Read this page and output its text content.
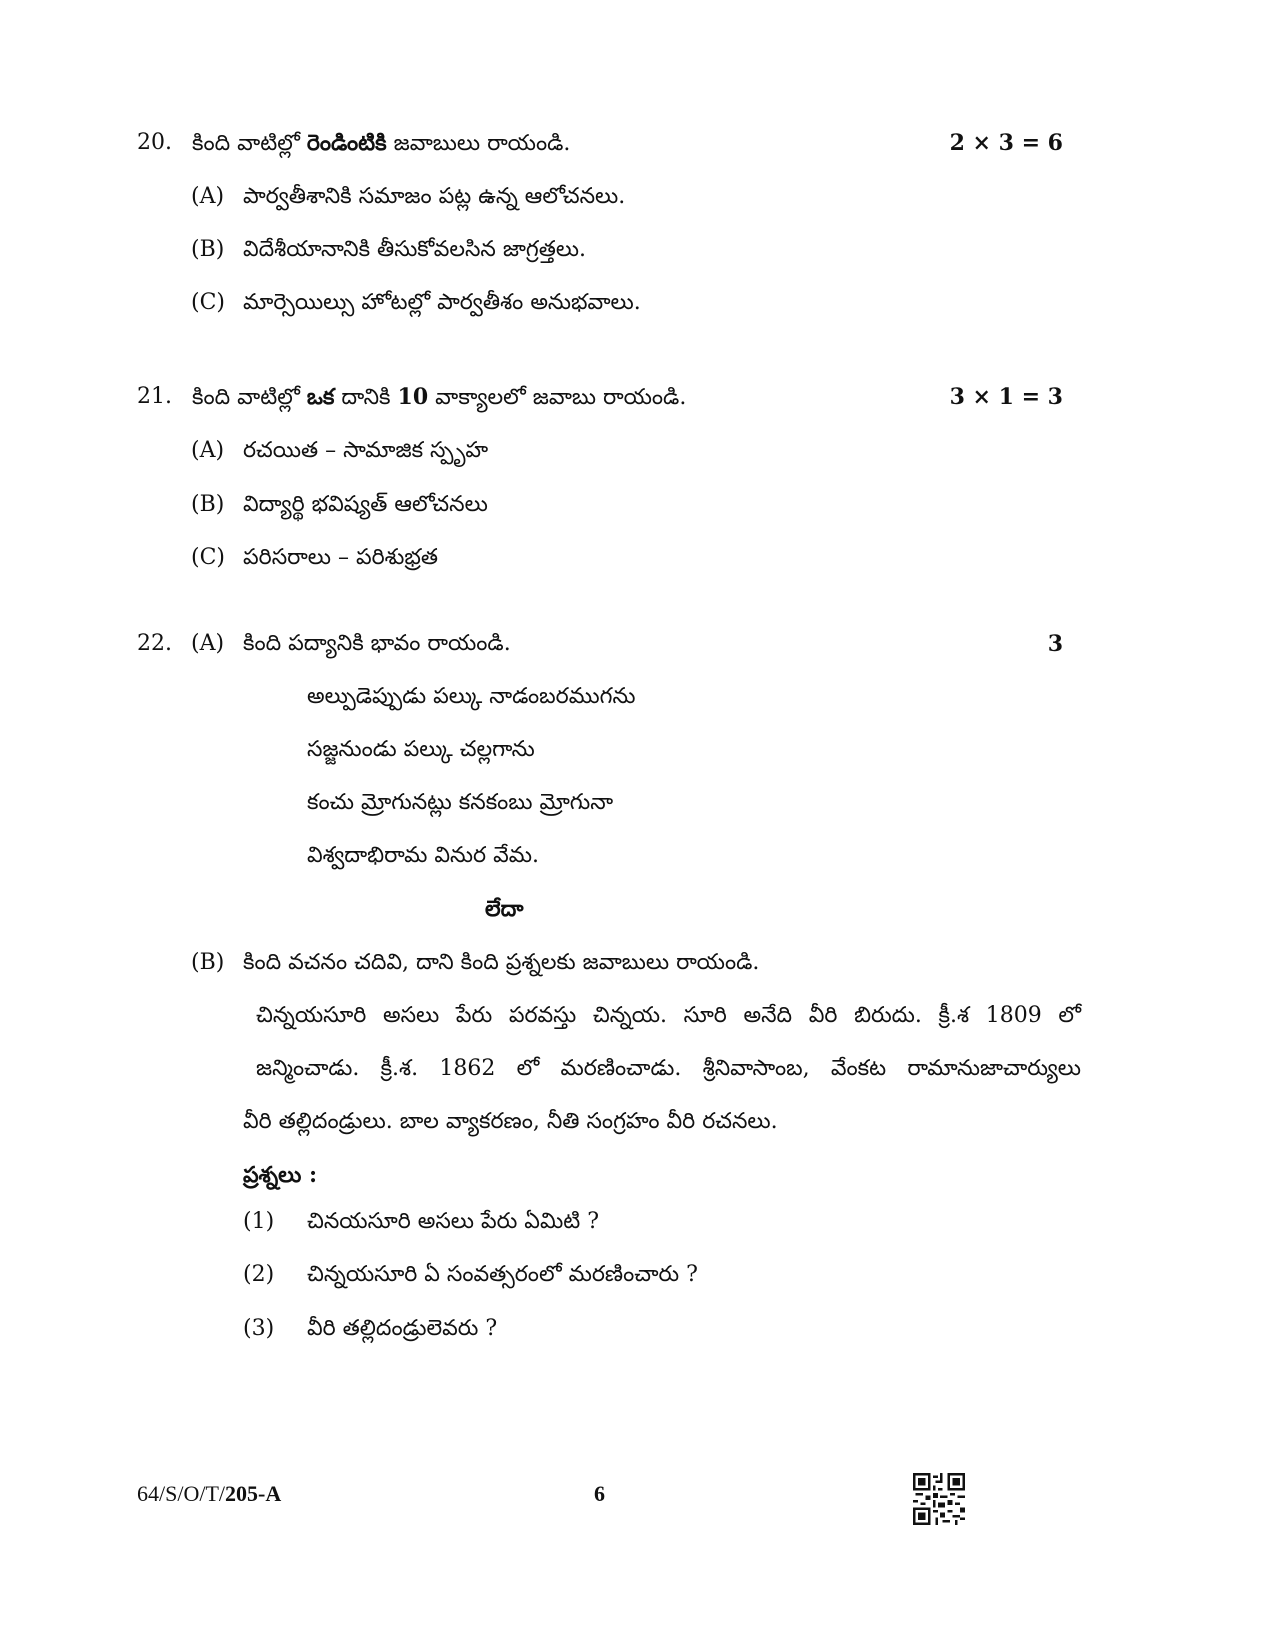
20. కింది వాటిల్లో రెండింటికి జవాబులు రాయండి.	2 × 3 = 6
(A) పార్వతీశానికి సమాజం పట్ల ఉన్న ఆలోచనలు.
(B) విదేశీయానానికి తీసుకోవలసిన జాగ్రత్తలు.
(C) మార్సెయిల్సు హోటల్లో పార్వతీశం అనుభవాలు.
21. కింది వాటిల్లో ఒక దానికి 10 వాక్యాలలో జవాబు రాయండి.	3 × 1 = 3
(A) రచయిత – సామాజిక స్పృహ
(B) విద్యార్థి భవిష్యత్ ఆలోచనలు
(C) పరిసరాలు – పరిశుభ్రత
22. (A) కింది పద్యానికి భావం రాయండి.	3
అల్పుడెప్పుడు పల్కు నాడంబరముగను
సజ్జనుండు పల్కు చల్లగాను
కంచు మ్రోగునట్లు కనకంబు మ్రోగునా
విశ్వదాభిరామ వినుర వేమ.
లేదా
(B) కింది వచనం చదివి, దాని కింది ప్రశ్నలకు జవాబులు రాయండి.
చిన్నయసూరి అసలు పేరు పరవస్తు చిన్నయ. సూరి అనేది వీరి బిరుదు. క్రీ.శ 1809 లో
జన్మించాడు. క్రీ.శ. 1862 లో మరణించాడు. శ్రీనివాసాంబ, వేంకట రామానుజాచార్యులు
వీరి తల్లిదండ్రులు. బాల వ్యాకరణం, నీతి సంగ్రహం వీరి రచనలు.
ప్రశ్నలు :
(1) చినయసూరి అసలు పేరు ఏమిటి ?
(2) చిన్నయసూరి ఏ సంవత్సరంలో మరణించారు ?
(3) వీరి తల్లిదండ్రులెవరు ?
64/S/O/T/205-A	6
